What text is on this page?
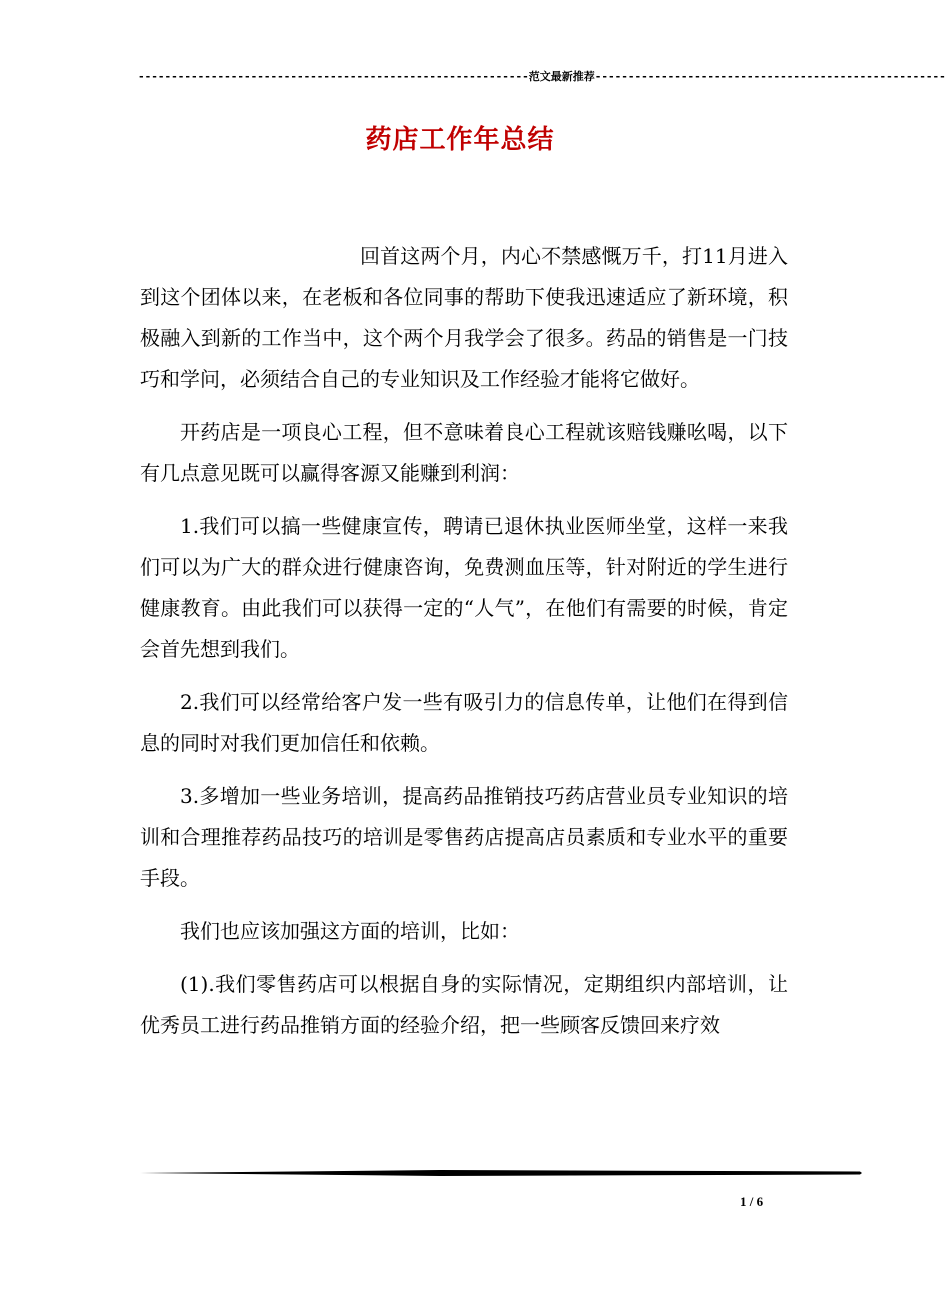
-----------------------------------------------------------范文最新推荐-----------------------------------------------------
药店工作年总结

回首这两个月，内心不禁感慨万千，打11月进入到这个团体以来，在老板和各位同事的帮助下使我迅速适应了新环境，积极融入到新的工作当中，这个两个月我学会了很多。药品的销售是一门技巧和学问，必须结合自己的专业知识及工作经验才能将它做好。

开药店是一项良心工程，但不意味着良心工程就该赔钱赚吆喝，以下有几点意见既可以赢得客源又能赚到利润：

1.我们可以搞一些健康宣传，聘请已退休执业医师坐堂，这样一来我们可以为广大的群众进行健康咨询，免费测血压等，针对附近的学生进行健康教育。由此我们可以获得一定的“人气”，在他们有需要的时候，肯定会首先想到我们。

2.我们可以经常给客户发一些有吸引力的信息传单，让他们在得到信息的同时对我们更加信任和依赖。

3.多增加一些业务培训，提高药品推销技巧药店营业员专业知识的培训和合理推荐药品技巧的培训是零售药店提高店员素质和专业水平的重要手段。

我们也应该加强这方面的培训，比如：

(1).我们零售药店可以根据自身的实际情况，定期组织内部培训，让优秀员工进行药品推销方面的经验介绍，把一些顾客反馈回来疗效

1 / 6
